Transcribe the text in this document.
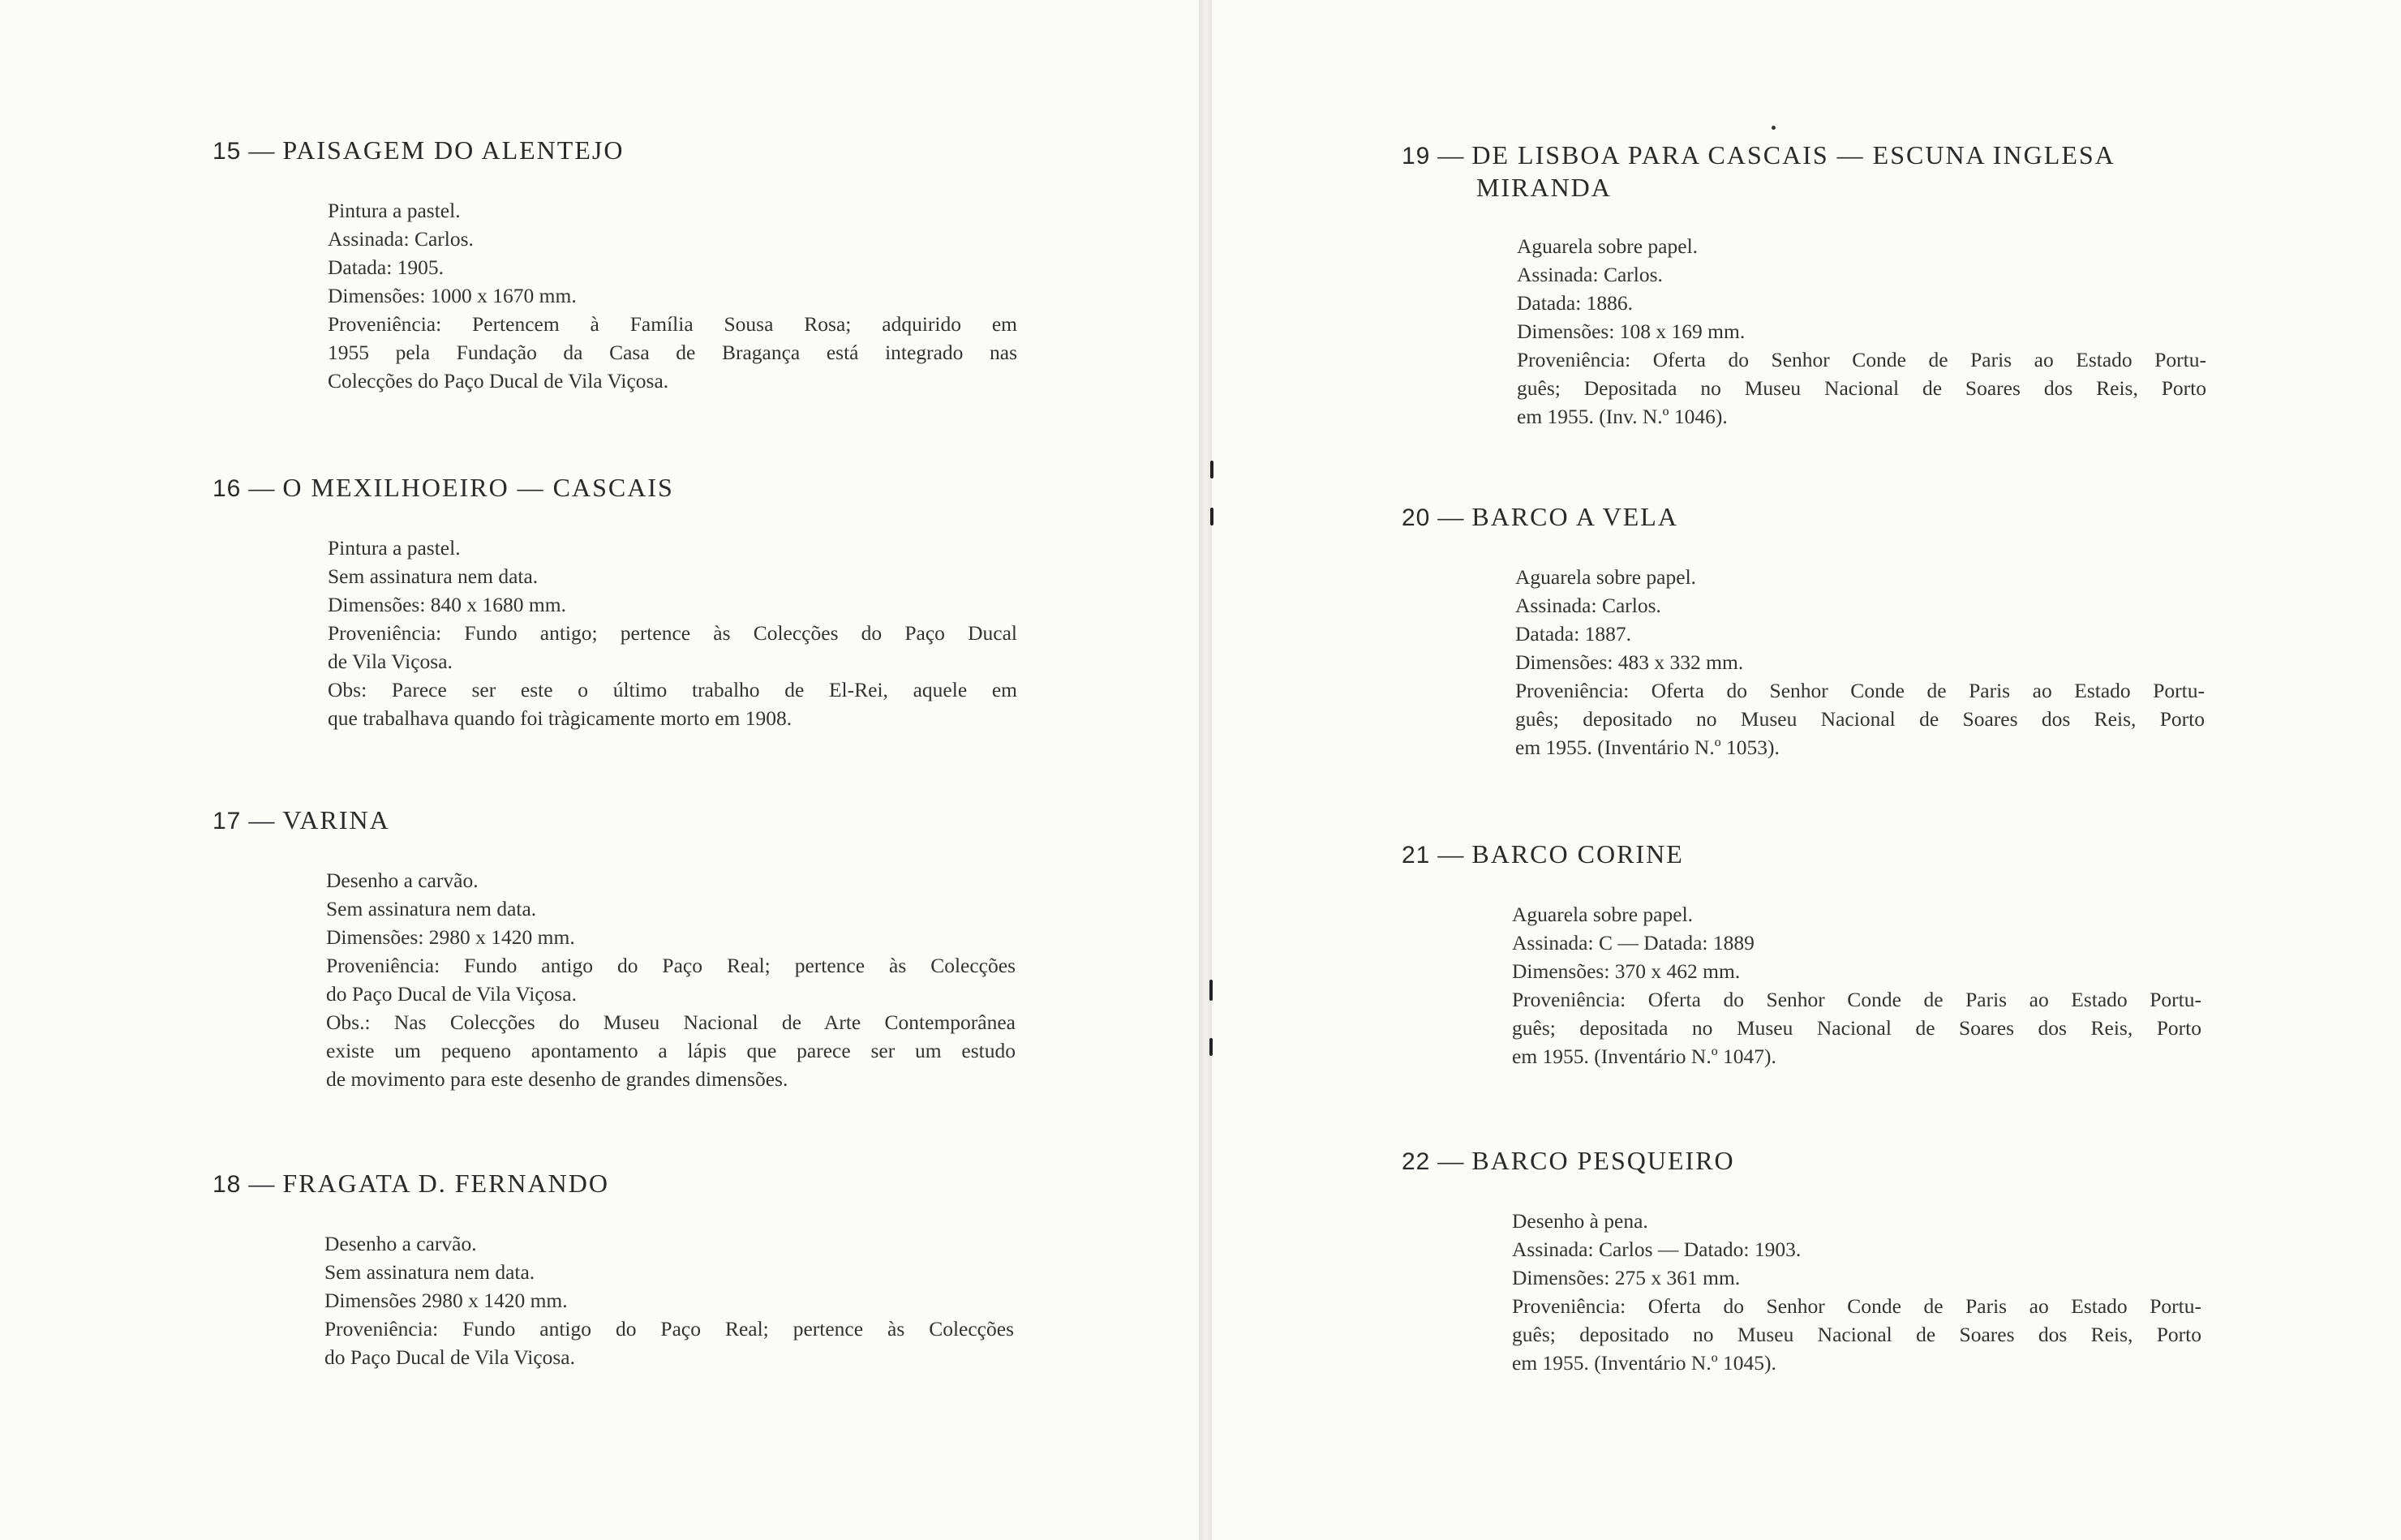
15 — PAISAGEM DO ALENTEJO
Pintura a pastel.
Assinada: Carlos.
Datada: 1905.
Dimensões: 1000 x 1670 mm.
Proveniência: Pertencem à Família Sousa Rosa; adquirido em
1955 pela Fundação da Casa de Bragança está integrado nas
Colecções do Paço Ducal de Vila Viçosa.
16 — O MEXILHOEIRO — CASCAIS
Pintura a pastel.
Sem assinatura nem data.
Dimensões: 840 x 1680 mm.
Proveniência: Fundo antigo; pertence às Colecções do Paço Ducal
de Vila Viçosa.
Obs: Parece ser este o último trabalho de El-Rei, aquele em
que trabalhava quando foi tràgicamente morto em 1908.
17 — VARINA
Desenho a carvão.
Sem assinatura nem data.
Dimensões: 2980 x 1420 mm.
Proveniência: Fundo antigo do Paço Real; pertence às Colecções
do Paço Ducal de Vila Viçosa.
Obs.: Nas Colecções do Museu Nacional de Arte Contemporânea
existe um pequeno apontamento a lápis que parece ser um estudo
de movimento para este desenho de grandes dimensões.
18 — FRAGATA D. FERNANDO
Desenho a carvão.
Sem assinatura nem data.
Dimensões 2980 x 1420 mm.
Proveniência: Fundo antigo do Paço Real; pertence às Colecções
do Paço Ducal de Vila Viçosa.
19 — DE LISBOA PARA CASCAIS — ESCUNA INGLESA
MIRANDA
Aguarela sobre papel.
Assinada: Carlos.
Datada: 1886.
Dimensões: 108 x 169 mm.
Proveniência: Oferta do Senhor Conde de Paris ao Estado Portu-
guês; Depositada no Museu Nacional de Soares dos Reis, Porto
em 1955. (Inv. N.º 1046).
20 — BARCO A VELA
Aguarela sobre papel.
Assinada: Carlos.
Datada: 1887.
Dimensões: 483 x 332 mm.
Proveniência: Oferta do Senhor Conde de Paris ao Estado Portu-
guês; depositado no Museu Nacional de Soares dos Reis, Porto
em 1955. (Inventário N.º 1053).
21 — BARCO CORINE
Aguarela sobre papel.
Assinada: C — Datada: 1889
Dimensões: 370 x 462 mm.
Proveniência: Oferta do Senhor Conde de Paris ao Estado Portu-
guês; depositada no Museu Nacional de Soares dos Reis, Porto
em 1955. (Inventário N.º 1047).
22 — BARCO PESQUEIRO
Desenho à pena.
Assinada: Carlos — Datado: 1903.
Dimensões: 275 x 361 mm.
Proveniência: Oferta do Senhor Conde de Paris ao Estado Portu-
guês; depositado no Museu Nacional de Soares dos Reis, Porto
em 1955. (Inventário N.º 1045).
